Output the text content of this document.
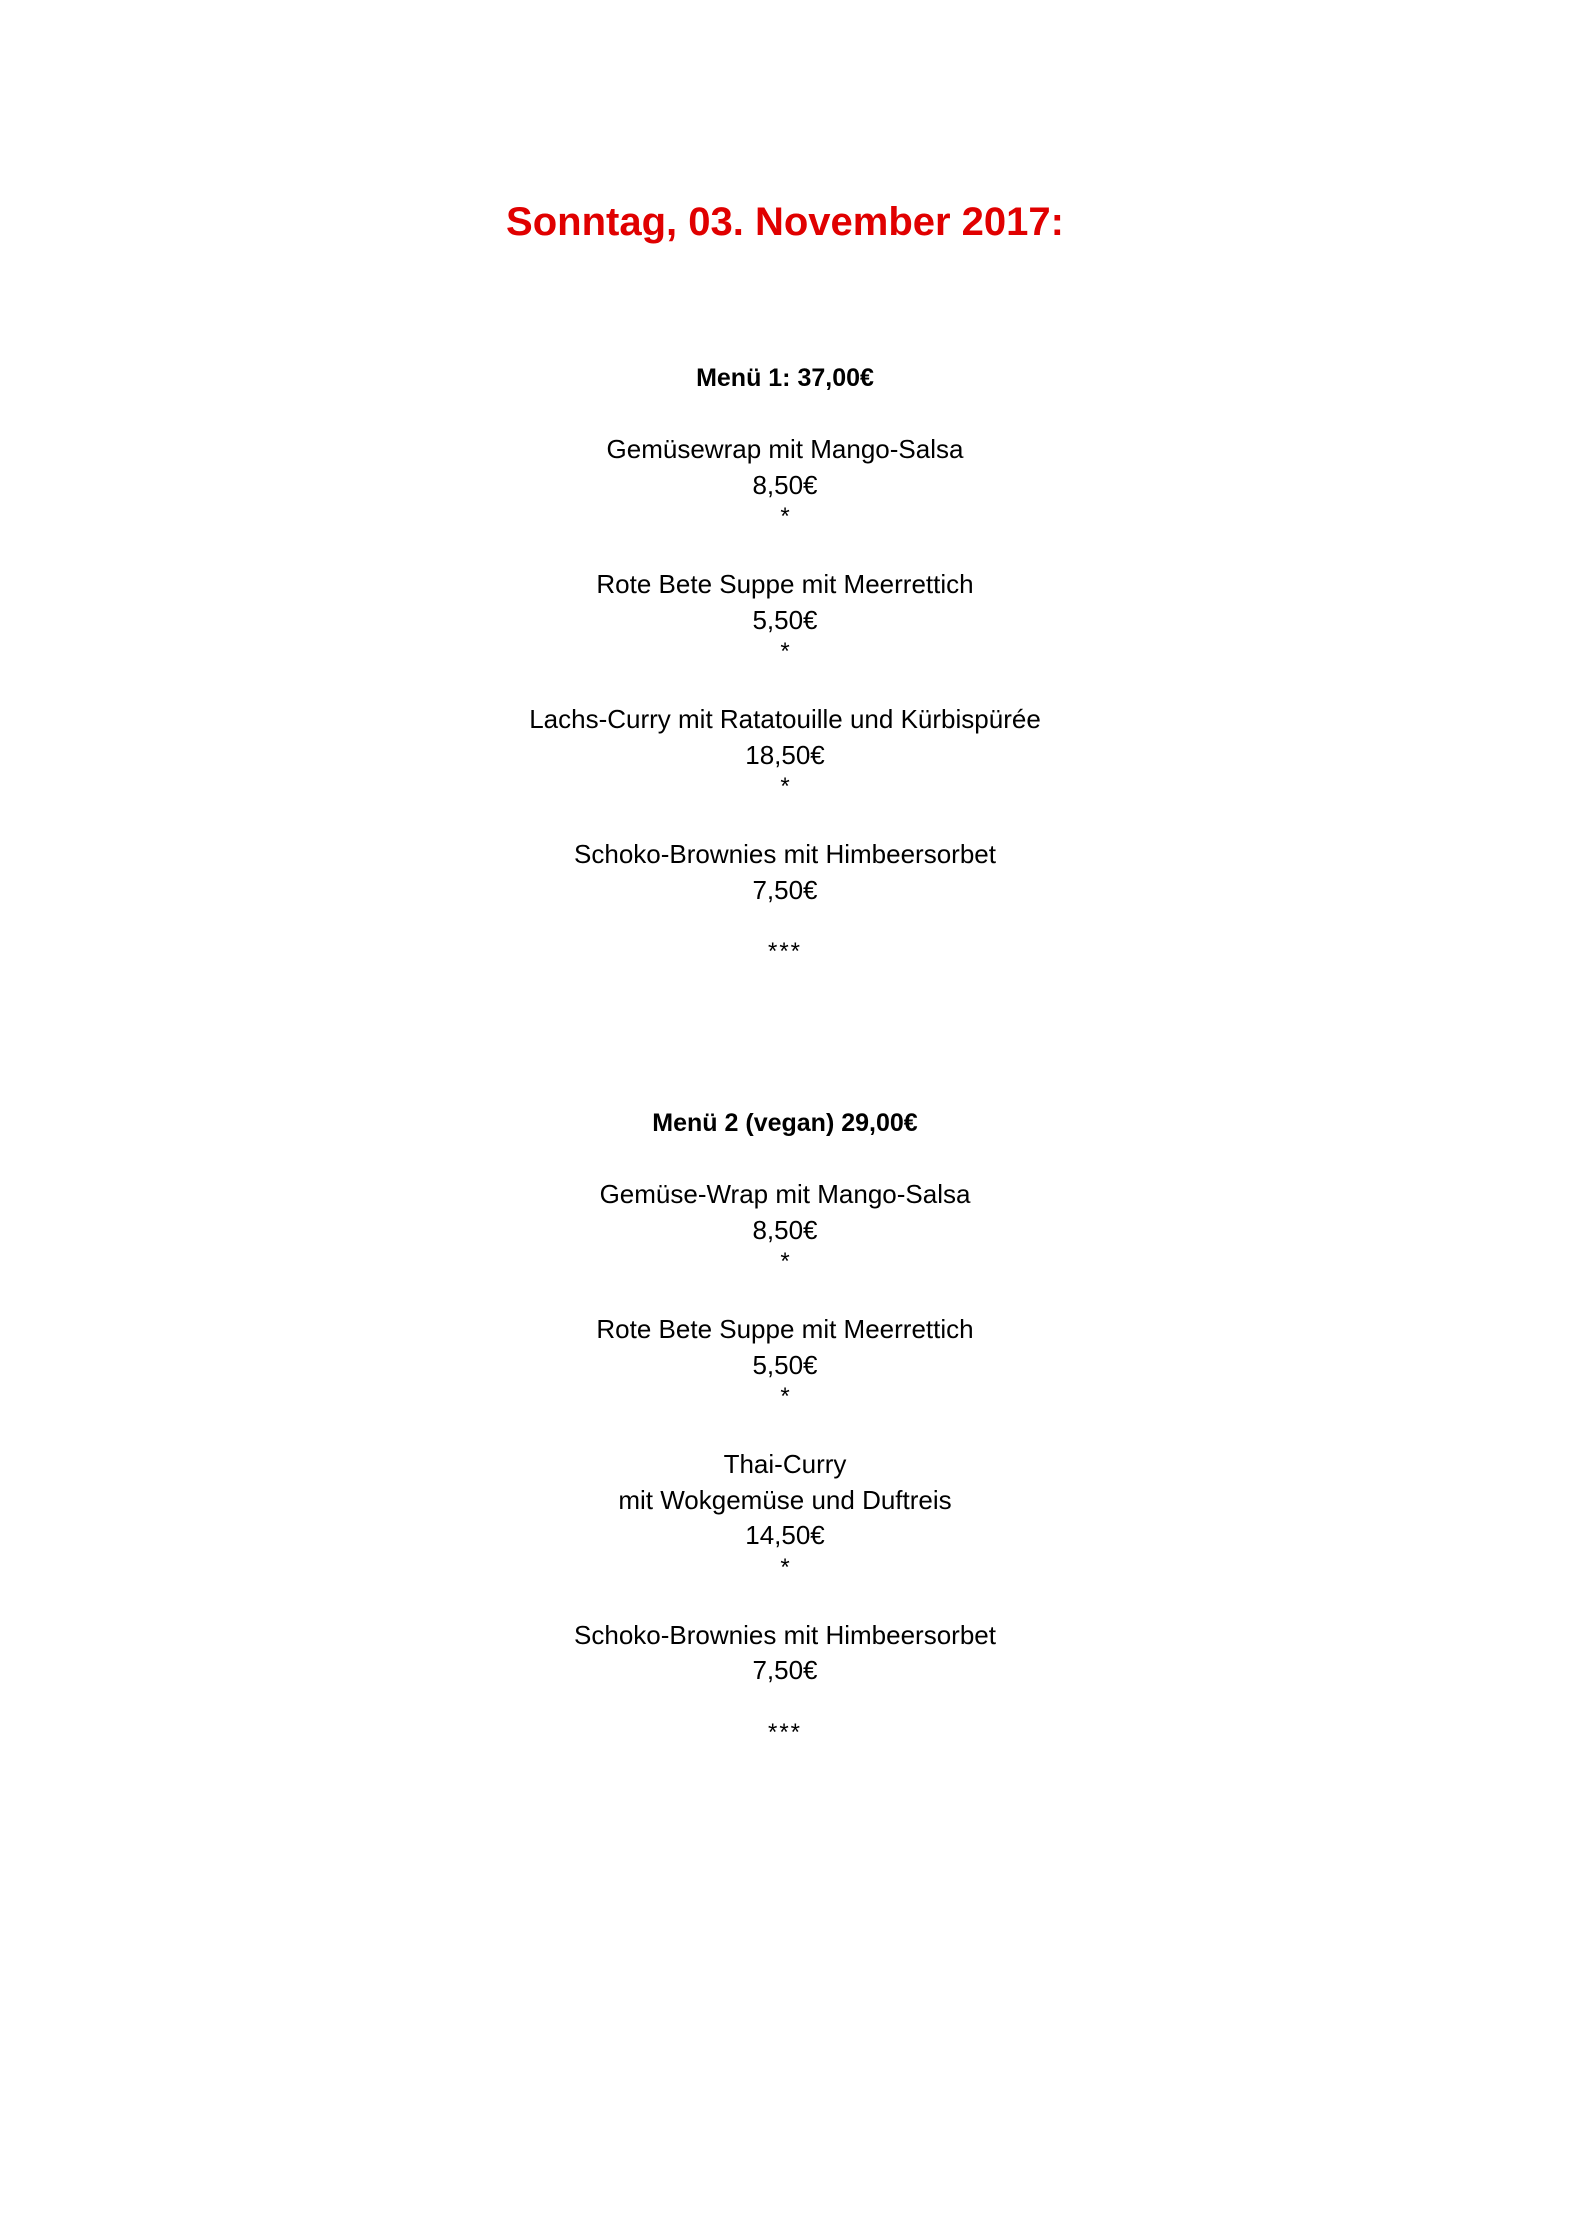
Sonntag, 03. November 2017:
Menü 1: 37,00€
Gemüsewrap mit Mango-Salsa
8,50€
*
Rote Bete Suppe mit Meerrettich
5,50€
*
Lachs-Curry mit Ratatouille und Kürbispürée
18,50€
*
Schoko-Brownies mit Himbeersorbet
7,50€
***
Menü 2 (vegan) 29,00€
Gemüse-Wrap mit Mango-Salsa
8,50€
*
Rote Bete Suppe mit Meerrettich
5,50€
*
Thai-Curry
mit Wokgemüse und Duftreis
14,50€
*
Schoko-Brownies mit Himbeersorbet
7,50€
***
